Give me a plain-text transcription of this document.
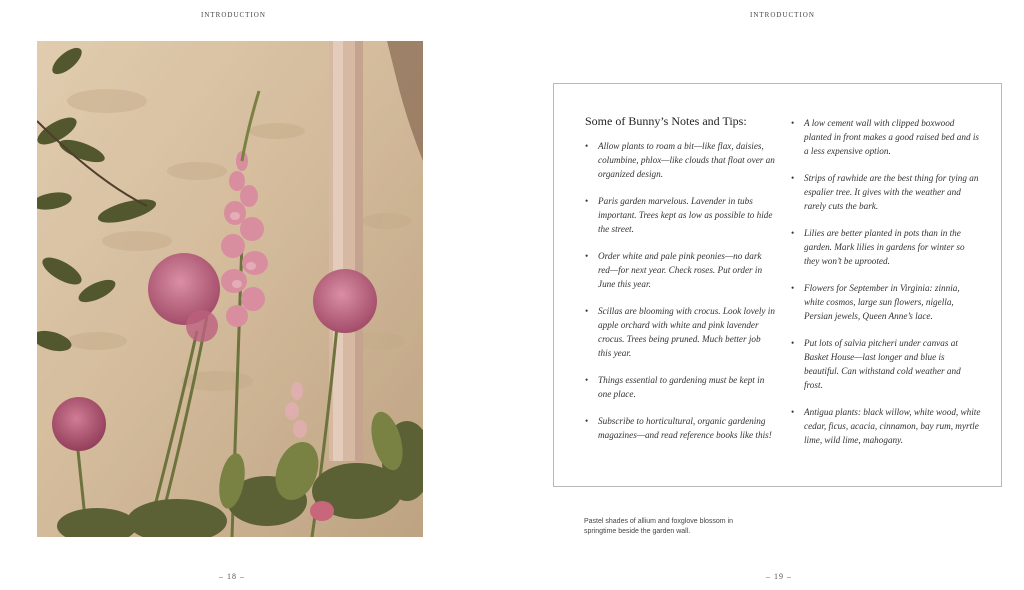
INTRODUCTION	INTRODUCTION
Some of Bunny’s Notes and Tips:
• Allow plants to roam a bit—like flax, daisies, columbine, phlox—like clouds that float over an organized design.
• Paris garden marvelous. Lavender in tubs important. Trees kept as low as possible to hide the street.
• Order white and pale pink peonies—no dark red—for next year. Check roses. Put order in June this year.
• Scillas are blooming with crocus. Look lovely in apple orchard with white and pink lavender crocus. Trees being pruned. Much better job this year.
• Things essential to gardening must be kept in one place.
• Subscribe to horticultural, organic gardening magazines—and read reference books like this!
• A low cement wall with clipped boxwood planted in front makes a good raised bed and is a less expensive option.
• Strips of rawhide are the best thing for tying an espalier tree. It gives with the weather and rarely cuts the bark.
• Lilies are better planted in pots than in the garden. Mark lilies in gardens for winter so they won’t be uprooted.
• Flowers for September in Virginia: zinnia, white cosmos, large sun flowers, nigella, Persian jewels, Queen Anne’s lace.
• Put lots of salvia pitcheri under canvas at Basket House—last longer and blue is beautiful. Can withstand cold weather and frost.
• Antigua plants: black willow, white wood, white cedar, ficus, acacia, cinnamon, bay rum, myrtle lime, wild lime, mahogany.
Pastel shades of allium and foxglove blossom in springtime beside the garden wall.
– 18 –	– 19 –
